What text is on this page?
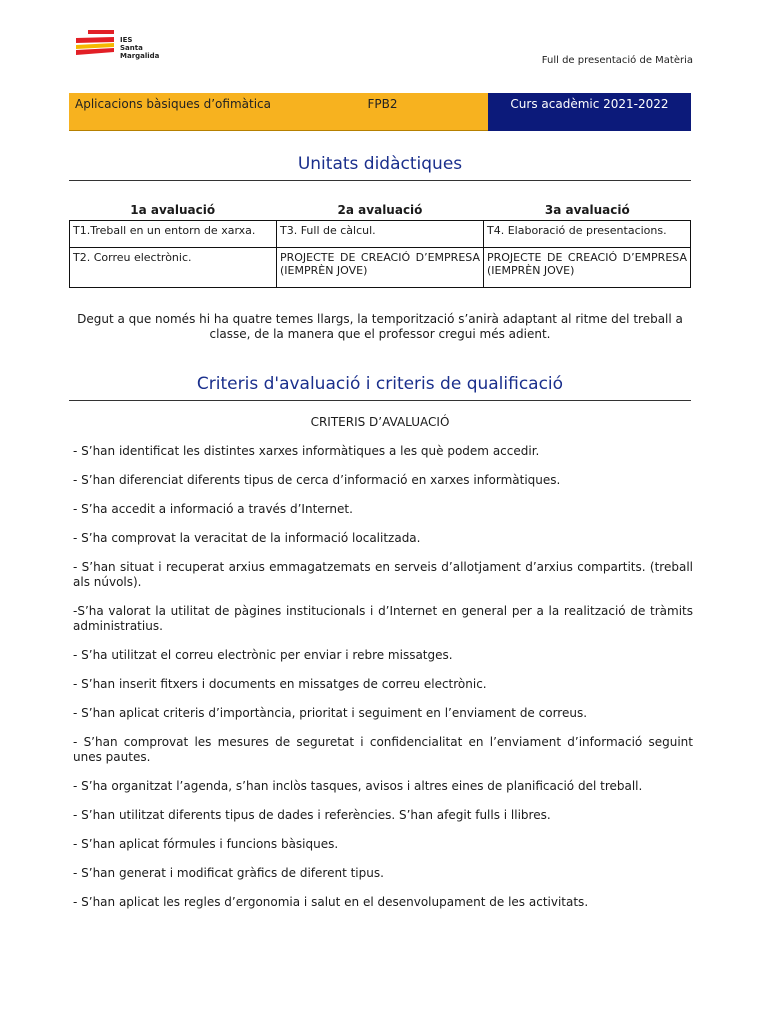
IES
Santa Margalida	Full de presentació de Matèria
Aplicacions bàsiques d’ofimàtica	FPB2	Curs acadèmic 2021-2022
Unitats didàctiques
1a avaluació	2a avaluació	3a avaluació
T1.Treball en un entorn de xarxa.	T3. Full de càlcul.	T4. Elaboració de presentacions.
T2. Correu electrònic.	PROJECTE DE CREACIÓ D’EMPRESA (IEMPRÈN JOVE)	PROJECTE DE CREACIÓ D’EMPRESA (IEMPRÈN JOVE)
Degut a que només hi ha quatre temes llargs, la temporització s’anirà adaptant al ritme del treball a classe, de la manera que el professor cregui més adient.
Criteris d'avaluació i criteris de qualificació
CRITERIS D’AVALUACIÓ
- S’han identificat les distintes xarxes informàtiques a les què podem accedir.
- S’han diferenciat diferents tipus de cerca d’informació en xarxes informàtiques.
- S’ha accedit a informació a través d’Internet.
- S’ha comprovat la veracitat de la informació localitzada.
- S’han situat i recuperat arxius emmagatzemats en serveis d’allotjament d’arxius compartits. (treball als núvols).
-S’ha valorat la utilitat de pàgines institucionals i d’Internet en general per a la realització de tràmits administratius.
- S’ha utilitzat el correu electrònic per enviar i rebre missatges.
- S’han inserit fitxers i documents en missatges de correu electrònic.
- S’han aplicat criteris d’importància, prioritat i seguiment en l’enviament de correus.
- S’han comprovat les mesures de seguretat i confidencialitat en l’enviament d’informació seguint unes pautes.
- S’ha organitzat l’agenda, s’han inclòs tasques, avisos i altres eines de planificació del treball.
- S’han utilitzat diferents tipus de dades i referències. S’han afegit fulls i llibres.
- S’han aplicat fórmules i funcions bàsiques.
- S’han generat i modificat gràfics de diferent tipus.
- S’han aplicat les regles d’ergonomia i salut en el desenvolupament de les activitats.
